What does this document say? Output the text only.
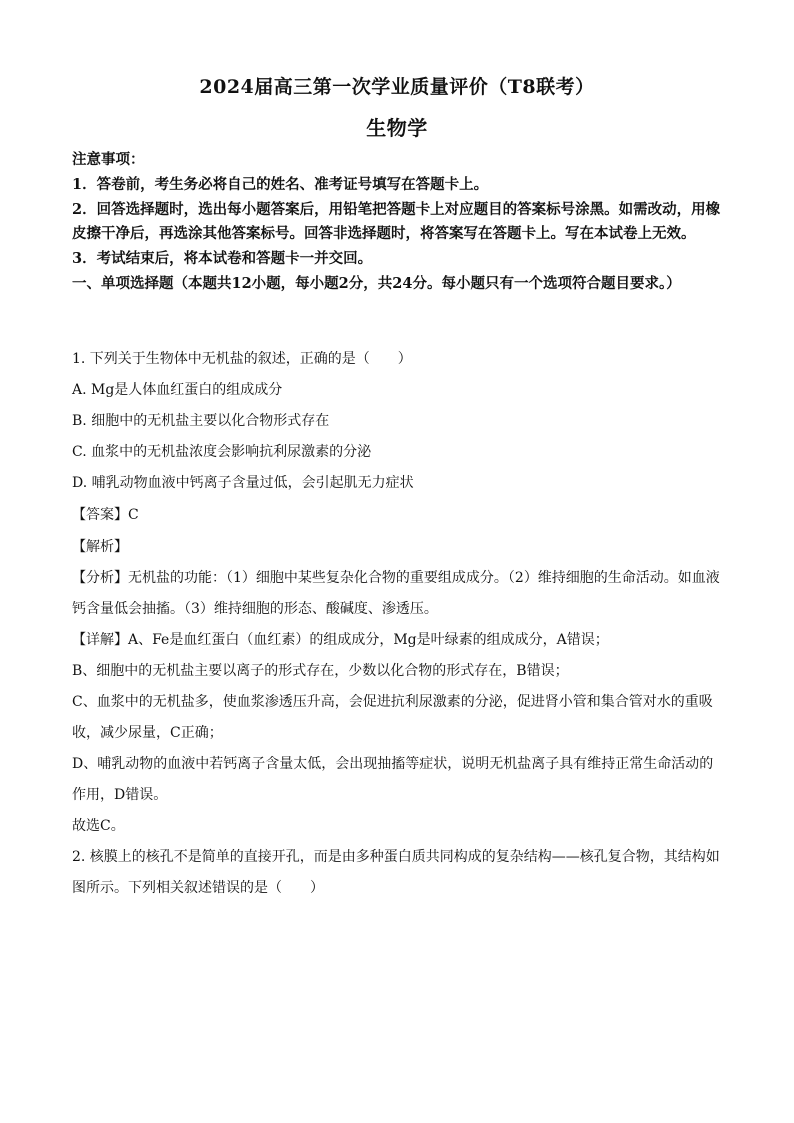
2024届高三第一次学业质量评价（T8联考）
生物学

注意事项：

1．答卷前，考生务必将自己的姓名、准考证号填写在答题卡上。

2．回答选择题时，选出每小题答案后，用铅笔把答题卡上对应题目的答案标号涂黑。如需改动，用橡皮擦干净后，再选涂其他答案标号。回答非选择题时，将答案写在答题卡上。写在本试卷上无效。

3．考试结束后，将本试卷和答题卡一并交回。

一、单项选择题（本题共12小题，每小题2分，共24分。每小题只有一个选项符合题目要求。）

1. 下列关于生物体中无机盐的叙述，正确的是（　　）

A. Mg是人体血红蛋白的组成成分

B. 细胞中的无机盐主要以化合物形式存在

C. 血浆中的无机盐浓度会影响抗利尿激素的分泌

D. 哺乳动物血液中钙离子含量过低，会引起肌无力症状

【答案】C

【解析】

【分析】无机盐的功能：（1）细胞中某些复杂化合物的重要组成成分。（2）维持细胞的生命活动。如血液钙含量低会抽搐。（3）维持细胞的形态、酸碱度、渗透压。

【详解】A、Fe是血红蛋白（血红素）的组成成分，Mg是叶绿素的组成成分，A错误；

B、细胞中的无机盐主要以离子的形式存在，少数以化合物的形式存在，B错误；

C、血浆中的无机盐多，使血浆渗透压升高，会促进抗利尿激素的分泌，促进肾小管和集合管对水的重吸收，减少尿量，C正确；

D、哺乳动物的血液中若钙离子含量太低，会出现抽搐等症状，说明无机盐离子具有维持正常生命活动的作用，D错误。

故选C。

2. 核膜上的核孔不是简单的直接开孔，而是由多种蛋白质共同构成的复杂结构——核孔复合物，其结构如图所示。下列相关叙述错误的是（　　）
